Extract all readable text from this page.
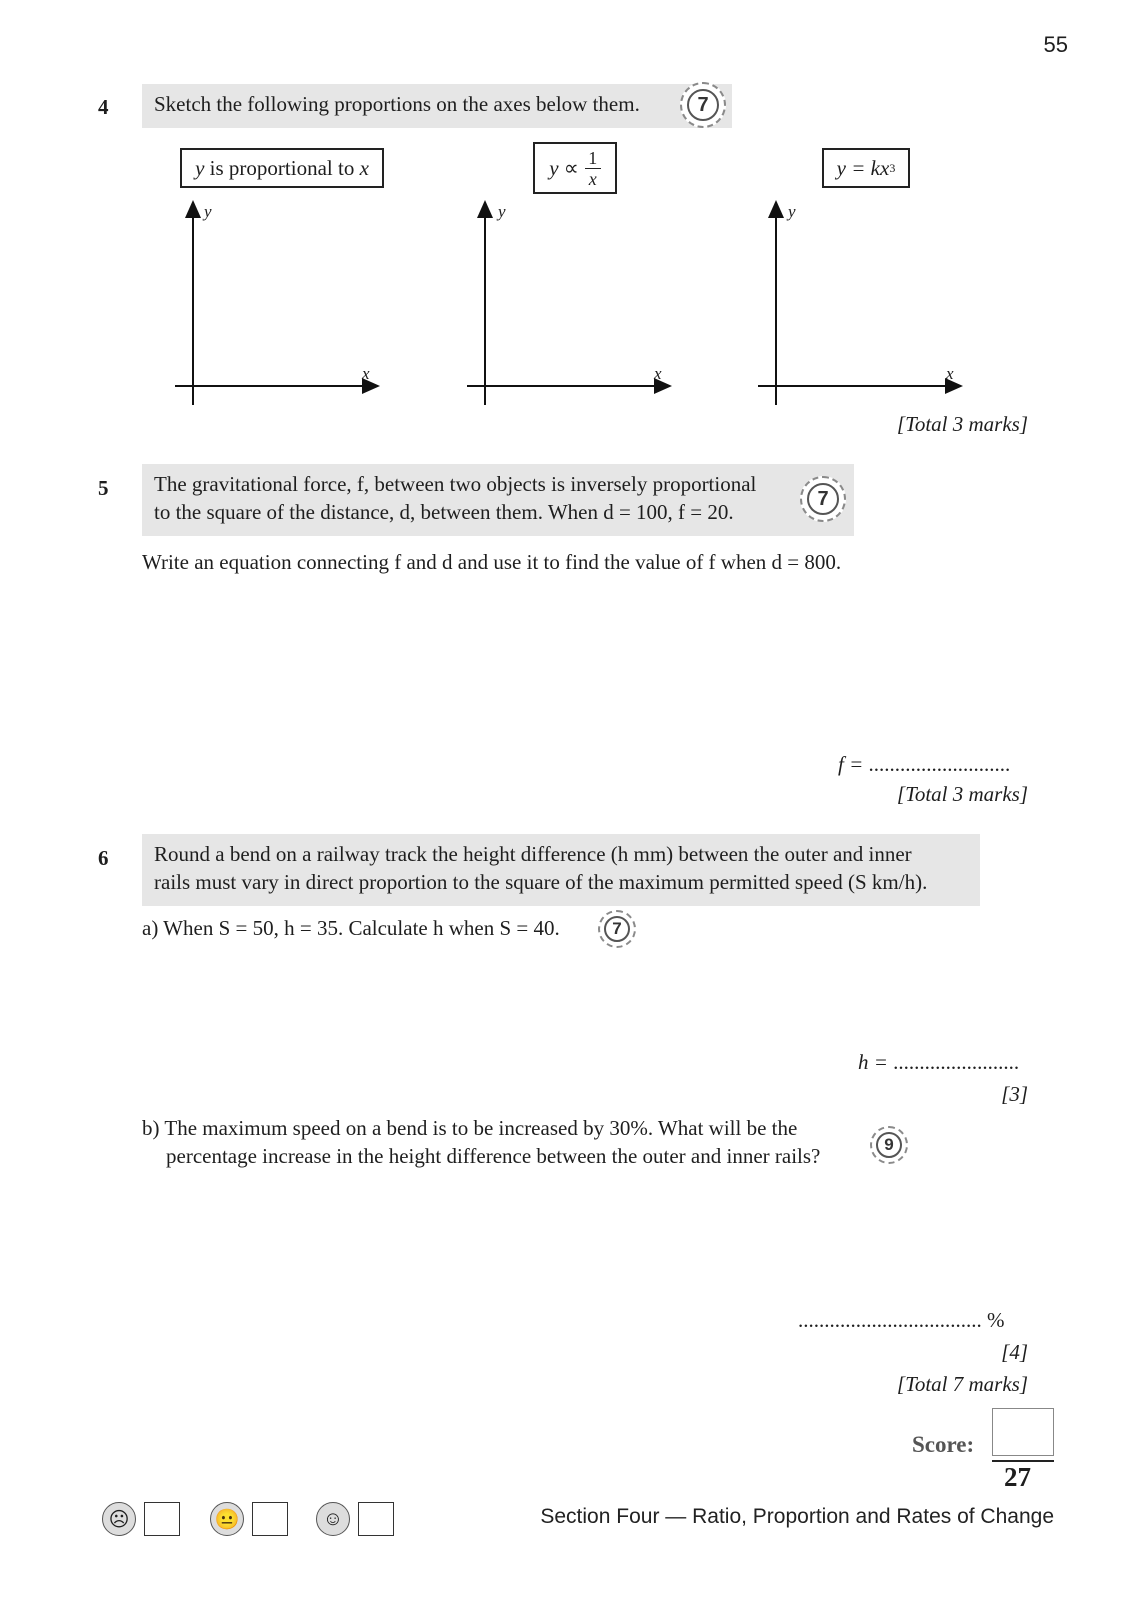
55
4	Sketch the following proportions on the axes below them.	7
y
is proportional to
x	y
∝ $\frac{1}{x}$	y = kx 3
y
x
y
x
y
x
[Total 3 marks]
5 The gravitational force, f, between two objects is inversely proportional
to the square of the distance, d, between them. When d = 100, f = 20.
7
Write an equation connecting f and d and use it to find the value of f when d = 800.
f = ...........................
[Total 3 marks]
6 Round a bend on a railway track the height difference (h mm) between the outer and inner
rails must vary in direct proportion to the square of the maximum permitted speed (S km/h).
a) When S = 50, h = 35. Calculate h when S = 40.	7
h = ........................
[3]
b) The maximum speed on a bend is to be increased by 30%. What will be the
percentage increase in the height difference between the outer and inner rails?	9
................................... %
[4]
[Total 7 marks]
Score:
27
☹	😐	☺	Section Four — Ratio, Proportion and Rates of Change
